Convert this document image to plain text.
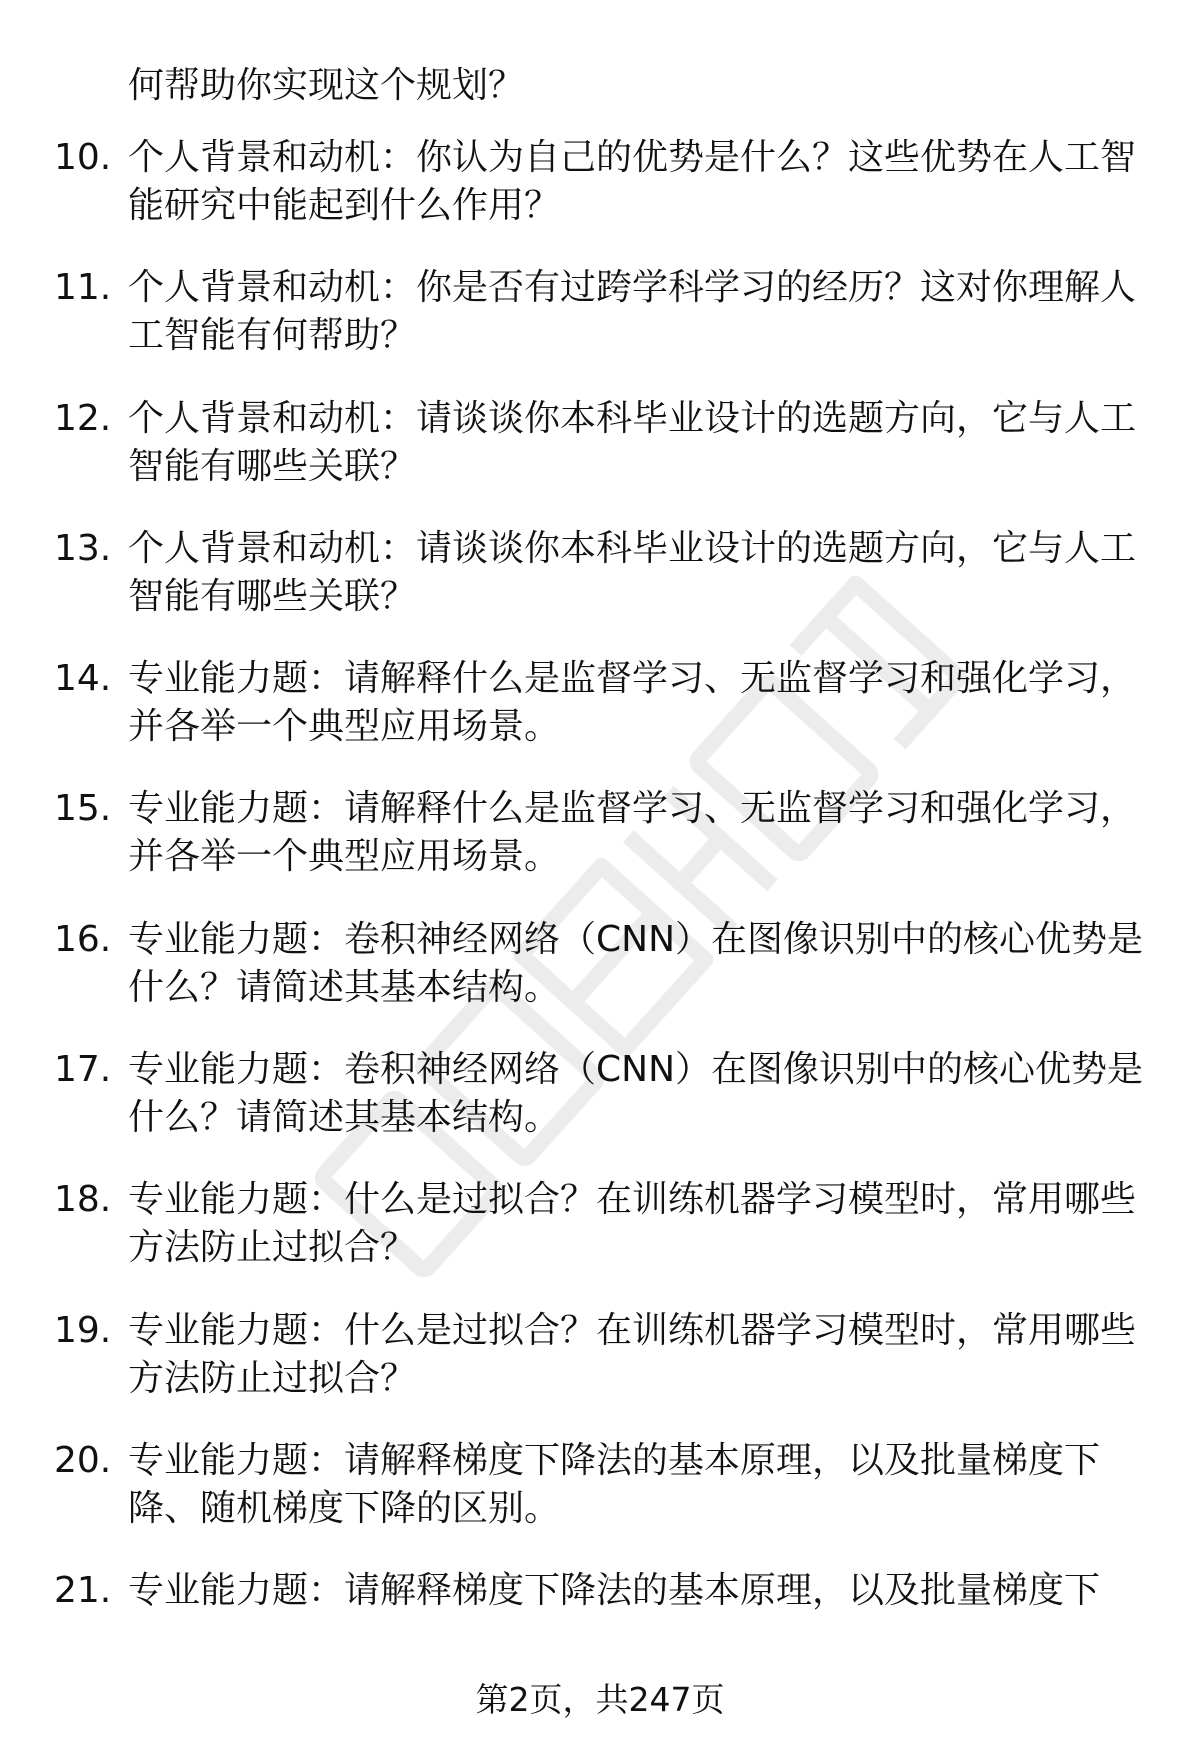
何帮助你实现这个规划？
10. 个人背景和动机：你认为自己的优势是什么？这些优势在人工智
能研究中能起到什么作用？
11. 个人背景和动机：你是否有过跨学科学习的经历？这对你理解人
工智能有何帮助？
12. 个人背景和动机：请谈谈你本科毕业设计的选题方向，它与人工
智能有哪些关联？
13. 个人背景和动机：请谈谈你本科毕业设计的选题方向，它与人工
智能有哪些关联？
14. 专业能力题：请解释什么是监督学习、无监督学习和强化学习，
并各举一个典型应用场景。
15. 专业能力题：请解释什么是监督学习、无监督学习和强化学习，
并各举一个典型应用场景。
16. 专业能力题：卷积神经网络（CNN）在图像识别中的核心优势是
什么？请简述其基本结构。
17. 专业能力题：卷积神经网络（CNN）在图像识别中的核心优势是
什么？请简述其基本结构。
18. 专业能力题：什么是过拟合？在训练机器学习模型时，常用哪些
方法防止过拟合？
19. 专业能力题：什么是过拟合？在训练机器学习模型时，常用哪些
方法防止过拟合？
20. 专业能力题：请解释梯度下降法的基本原理，以及批量梯度下
降、随机梯度下降的区别。
21. 专业能力题：请解释梯度下降法的基本原理，以及批量梯度下
第2页，共247页
